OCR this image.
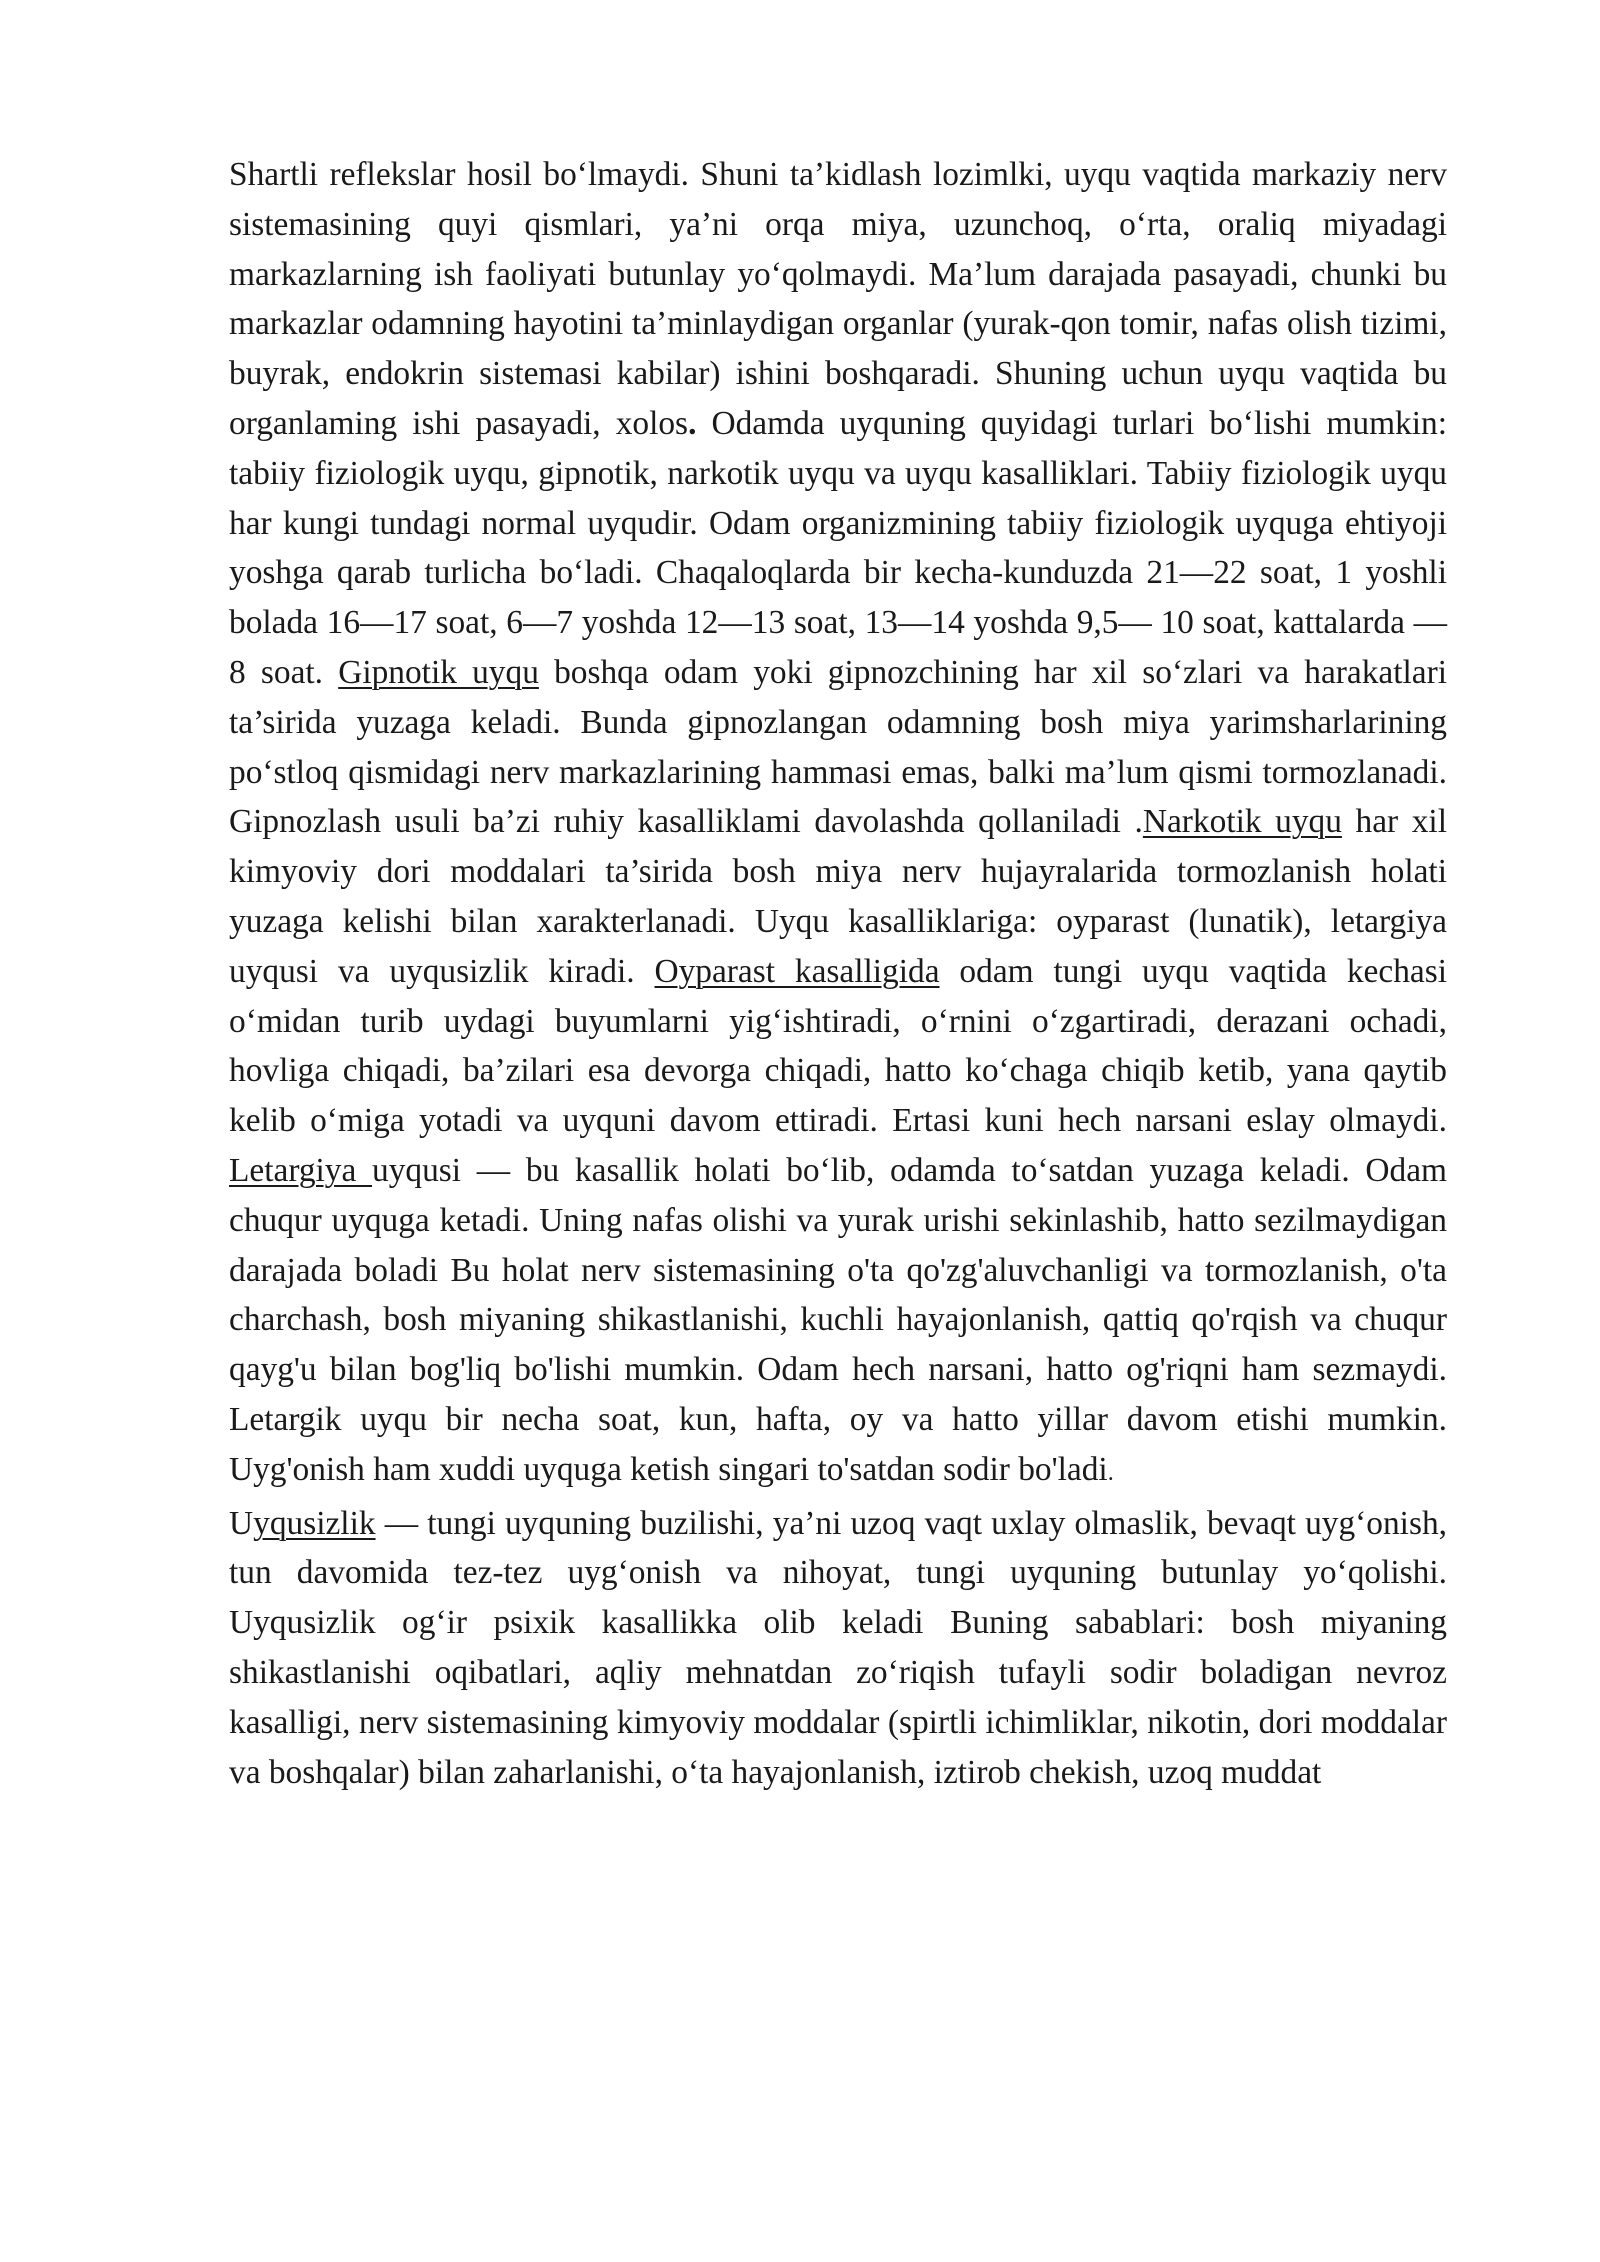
Shartli reflekslar hosil bo‘lmaydi. Shuni ta’kidlash lozimlki, uyqu vaqtida markaziy nerv sistemasining quyi qismlari, ya’ni orqa miya, uzunchoq, o‘rta, oraliq miyadagi markazlarning ish faoliyati butunlay yo‘qolmaydi. Ma’lum darajada pasayadi, chunki bu markazlar odamning hayotini ta’minlaydigan organlar (yurak-qon tomir, nafas olish tizimi, buyrak, endokrin sistemasi kabilar) ishini boshqaradi. Shuning uchun uyqu vaqtida bu organlaming ishi pasayadi, xolos. Odamda uyquning quyidagi turlari bo‘lishi mumkin: tabiiy fiziologik uyqu, gipnotik, narkotik uyqu va uyqu kasalliklari. Tabiiy fiziologik uyqu har kungi tundagi normal uyqudir. Odam organizmining tabiiy fiziologik uyquga ehtiyoji yoshga qarab turlicha bo‘ladi. Chaqaloqlarda bir kecha-kunduzda 21—22 soat, 1 yoshli bolada 16—17 soat, 6—7 yoshda 12—13 soat, 13—14 yoshda 9,5— 10 soat, kattalarda — 8 soat. Gipnotik uyqu boshqa odam yoki gipnozchining har xil so‘zlari va harakatlari ta’sirida yuzaga keladi. Bunda gipnozlangan odamning bosh miya yarimsharlarining po‘stloq qismidagi nerv markazlarining hammasi emas, balki ma’lum qismi tormozlanadi. Gipnozlash usuli ba’zi ruhiy kasalliklami davolashda qollaniladi .Narkotik uyqu har xil kimyoviy dori moddalari ta’sirida bosh miya nerv hujayralarida tormozlanish holati yuzaga kelishi bilan xarakterlanadi. Uyqu kasalliklariga: oyparast (lunatik), letargiya uyqusi va uyqusizlik kiradi. Oyparast kasalligida odam tungi uyqu vaqtida kechasi o‘midan turib uydagi buyumlarni yig‘ishtiradi, o‘rnini o‘zgartiradi, derazani ochadi, hovliga chiqadi, ba’zilari esa devorga chiqadi, hatto ko‘chaga chiqib ketib, yana qaytib kelib o‘miga yotadi va uyquni davom ettiradi. Ertasi kuni hech narsani eslay olmaydi. Letargiya uyqusi — bu kasallik holati bo‘lib, odamda to‘satdan yuzaga keladi. Odam chuqur uyquga ketadi. Uning nafas olishi va yurak urishi sekinlashib, hatto sezilmaydigan darajada boladi Bu holat nerv sistemasining o'ta qo'zg'aluvchanligi va tormozlanish, o'ta charchash, bosh miyaning shikastlanishi, kuchli hayajonlanish, qattiq qo'rqish va chuqur qayg'u bilan bog'liq bo'lishi mumkin. Odam hech narsani, hatto og'riqni ham sezmaydi. Letargik uyqu bir necha soat, kun, hafta, oy va hatto yillar davom etishi mumkin. Uyg'onish ham xuddi uyquga ketish singari to'satdan sodir bo'ladi.

Uyqusizlik — tungi uyquning buzilishi, ya’ni uzoq vaqt uxlay olmaslik, bevaqt uyg‘onish, tun davomida tez-tez uyg‘onish va nihoyat, tungi uyquning butunlay yo‘qolishi. Uyqusizlik og‘ir psixik kasallikka olib keladi Buning sabablari: bosh miyaning shikastlanishi oqibatlari, aqliy mehnatdan zo‘riqish tufayli sodir boladigan nevroz kasalligi, nerv sistemasining kimyoviy moddalar (spirtli ichimliklar, nikotin, dori moddalar va boshqalar) bilan zaharlanishi, o‘ta hayajonlanish, iztirob chekish, uzoq muddat
